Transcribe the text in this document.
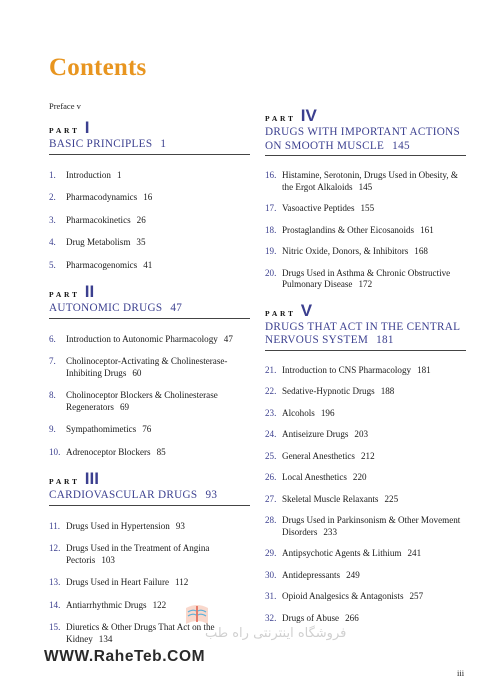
Contents
Preface v
PART I
BASIC PRINCIPLES 1
1.	Introduction 1
2.	Pharmacodynamics 16
3.	Pharmacokinetics 26
4.	Drug Metabolism 35
5.	Pharmacogenomics 41
PART II
AUTONOMIC DRUGS 47
6.	Introduction to Autonomic Pharmacology 47
7.	Cholinoceptor-Activating & Cholinesterase-Inhibiting Drugs 60
8.	Cholinoceptor Blockers & Cholinesterase Regenerators 69
9.	Sympathomimetics 76
10. Adrenoceptor Blockers 85
PART III
CARDIOVASCULAR DRUGS 93
11. Drugs Used in Hypertension 93
12. Drugs Used in the Treatment of Angina Pectoris 103
13. Drugs Used in Heart Failure 112
14. Antiarrhythmic Drugs 122
15. Diuretics & Other Drugs That Act on the Kidney 134
PART IV
DRUGS WITH IMPORTANT ACTIONS ON SMOOTH MUSCLE 145
16. Histamine, Serotonin, Drugs Used in Obesity, & the Ergot Alkaloids 145
17. Vasoactive Peptides 155
18. Prostaglandins & Other Eicosanoids 161
19. Nitric Oxide, Donors, & Inhibitors 168
20. Drugs Used in Asthma & Chronic Obstructive Pulmonary Disease 172
PART V
DRUGS THAT ACT IN THE CENTRAL NERVOUS SYSTEM 181
21. Introduction to CNS Pharmacology 181
22. Sedative-Hypnotic Drugs 188
23. Alcohols 196
24. Antiseizure Drugs 203
25. General Anesthetics 212
26. Local Anesthetics 220
27. Skeletal Muscle Relaxants 225
28. Drugs Used in Parkinsonism & Other Movement Disorders 233
29. Antipsychotic Agents & Lithium 241
30. Antidepressants 249
31. Opioid Analgesics & Antagonists 257
32. Drugs of Abuse 266
iii
فروشگاه اینترنتی راه طب
WWW.RaheTeb.COM
